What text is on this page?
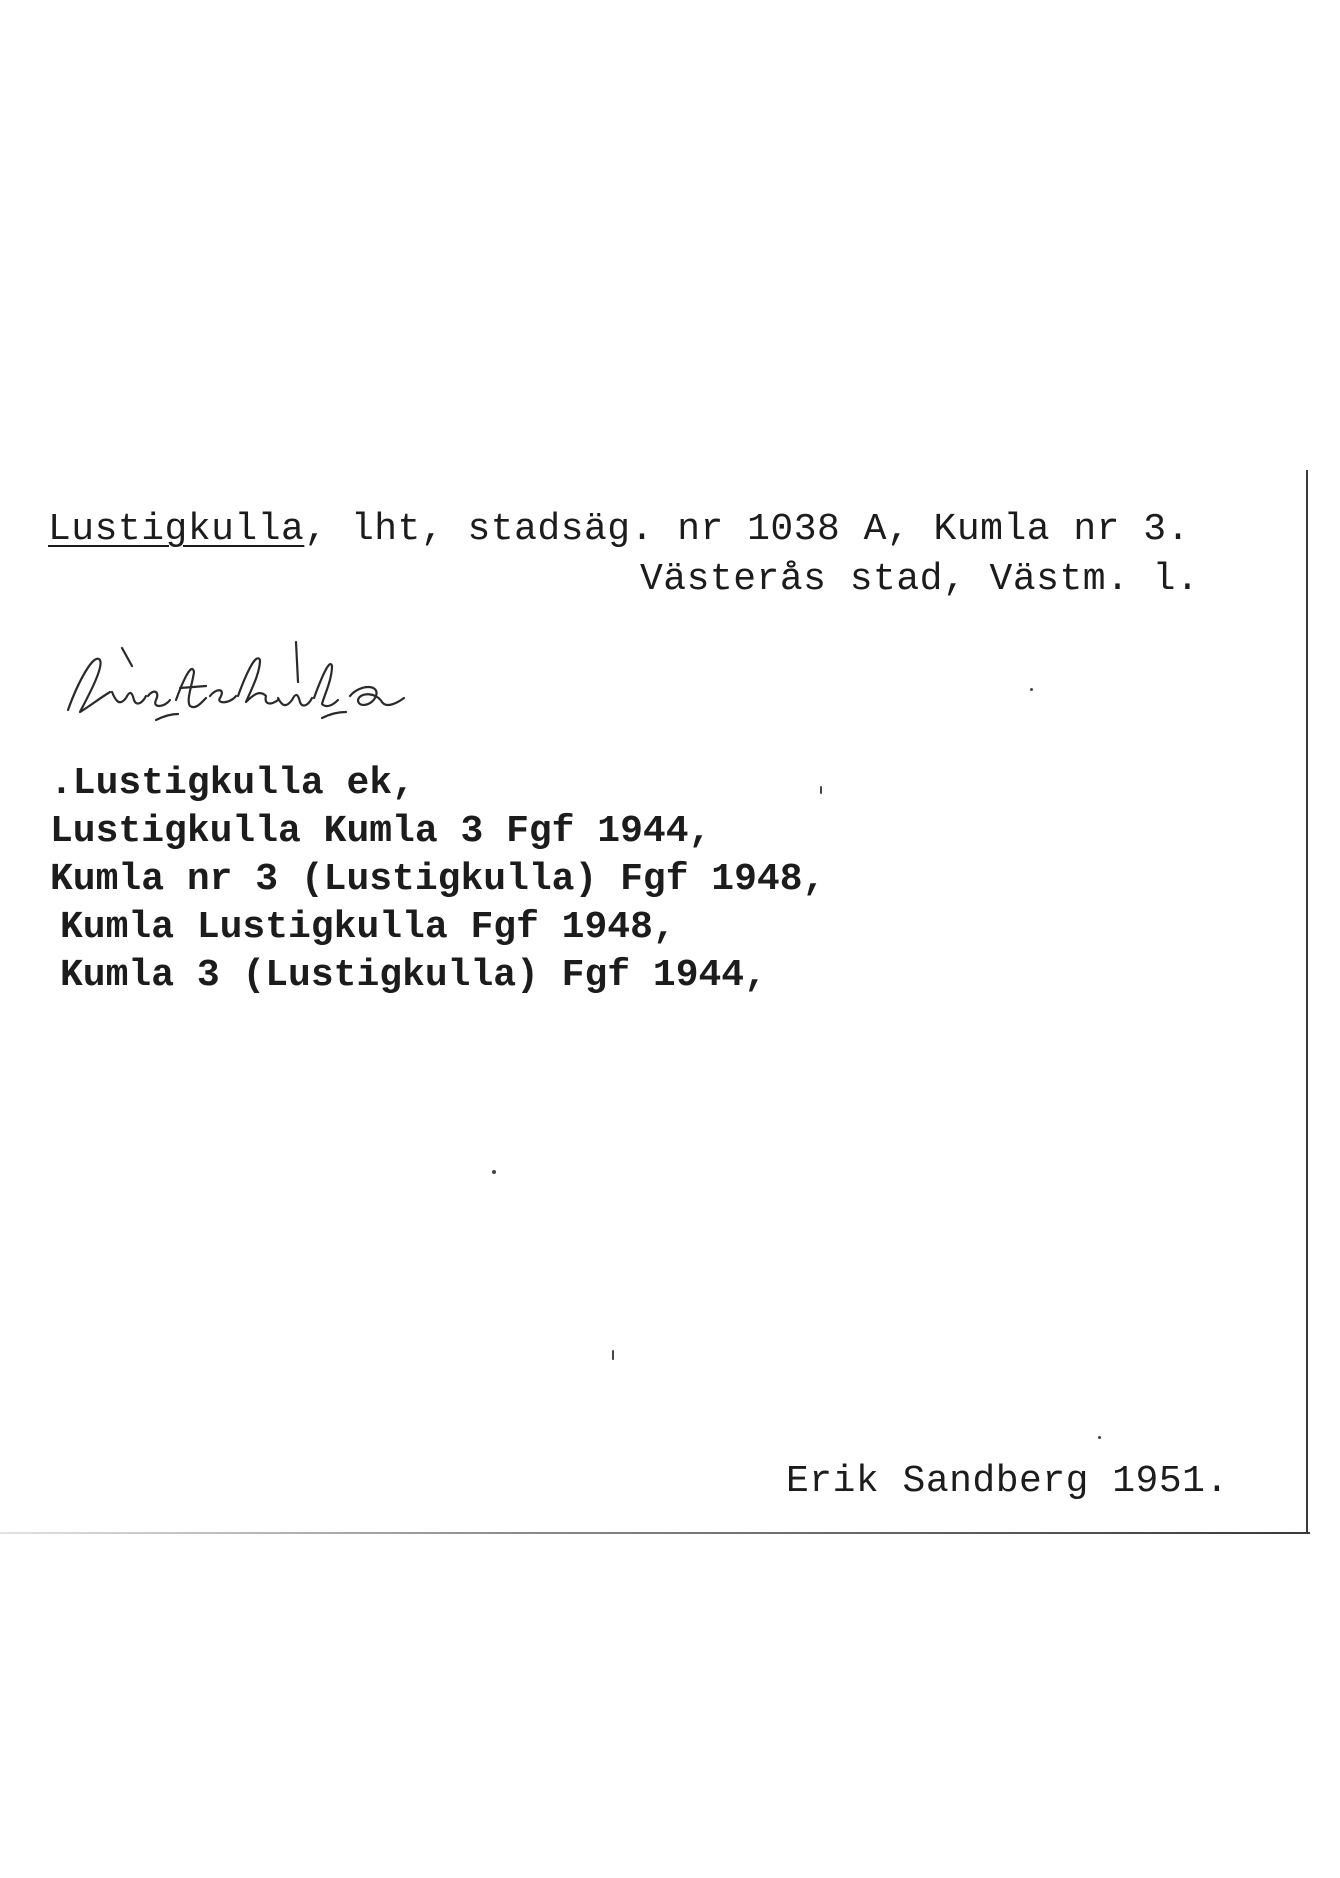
Lustigkulla, lht, stadsäg. nr 1038 A, Kumla nr 3.
Västerås stad, Västm. l.
.Lustigkulla ek,
Lustigkulla Kumla 3 Fgf 1944,
Kumla nr 3 (Lustigkulla) Fgf 1948,
Kumla Lustigkulla Fgf 1948,
Kumla 3 (Lustigkulla) Fgf 1944,
Erik Sandberg 1951.
